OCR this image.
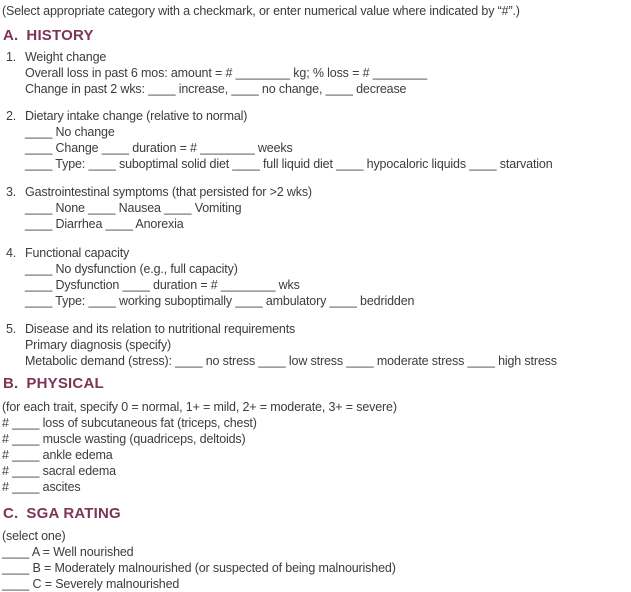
(Select appropriate category with a checkmark, or enter numerical value where indicated by “#”.)

A. HISTORY
1. Weight change
Overall loss in past 6 mos: amount = # ________ kg; % loss = # ________
Change in past 2 wks: ____ increase, ____ no change, ____ decrease
2. Dietary intake change (relative to normal)
____ No change
____ Change ____ duration = # ________ weeks
____ Type: ____ suboptimal solid diet ____ full liquid diet ____ hypocaloric liquids ____ starvation
3. Gastrointestinal symptoms (that persisted for >2 wks)
____ None ____ Nausea ____ Vomiting
____ Diarrhea ____ Anorexia
4. Functional capacity
____ No dysfunction (e.g., full capacity)
____ Dysfunction ____ duration = # ________ wks
____ Type: ____ working suboptimally ____ ambulatory ____ bedridden
5. Disease and its relation to nutritional requirements
Primary diagnosis (specify)
Metabolic demand (stress): ____ no stress ____ low stress ____ moderate stress ____ high stress
B. PHYSICAL
(for each trait, specify 0 = normal, 1+ = mild, 2+ = moderate, 3+ = severe)
# ____ loss of subcutaneous fat (triceps, chest)
# ____ muscle wasting (quadriceps, deltoids)
# ____ ankle edema
# ____ sacral edema
# ____ ascites
C. SGA RATING
(select one)
____ A = Well nourished
____ B = Moderately malnourished (or suspected of being malnourished)
____ C = Severely malnourished
